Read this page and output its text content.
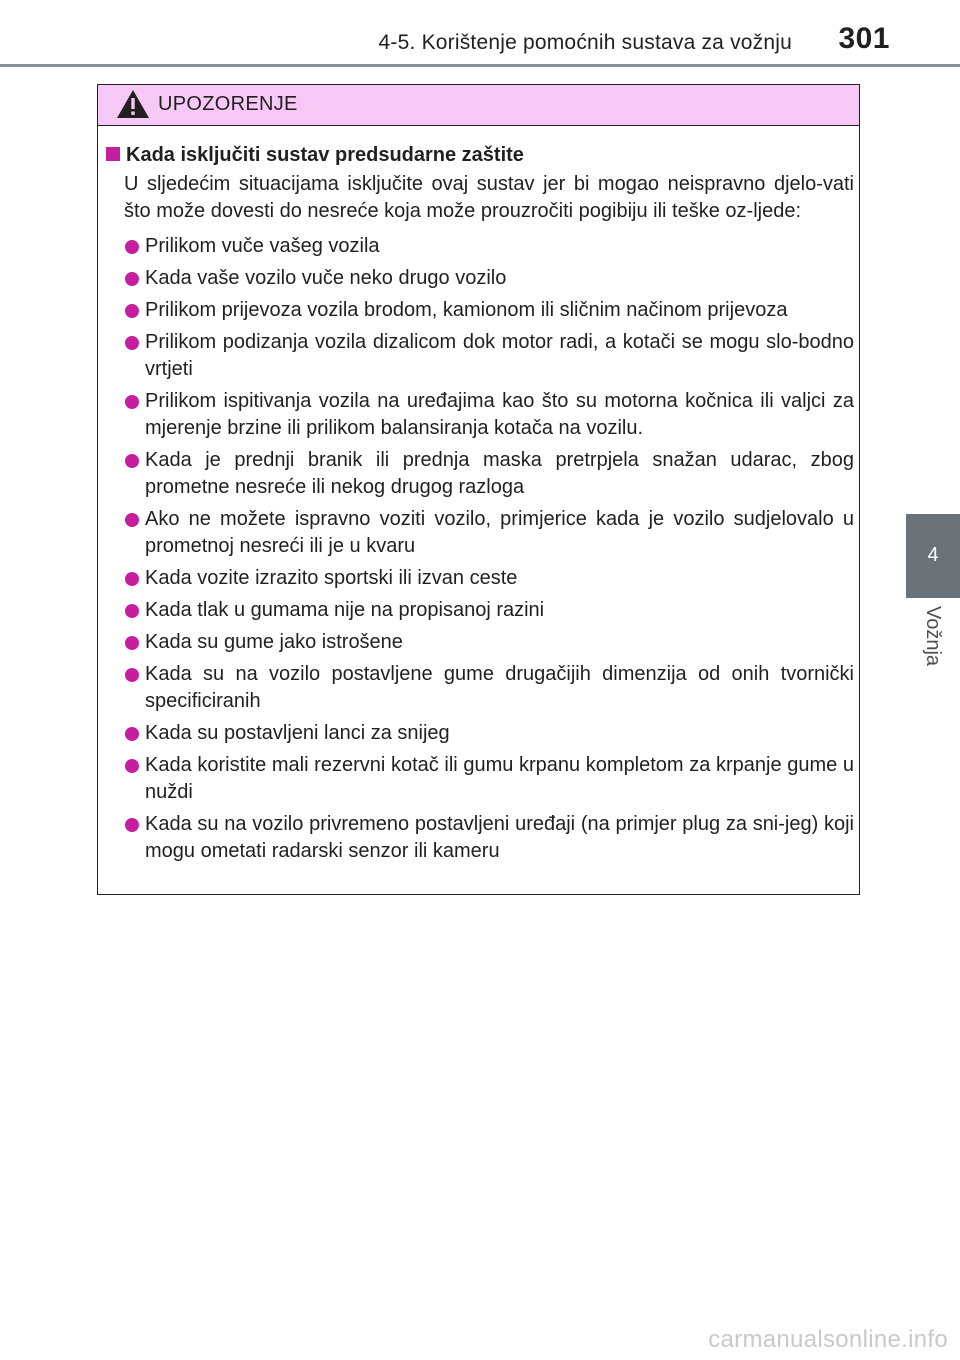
4-5. Korištenje pomoćnih sustava za vožnju 301
4
Vožnja
UPOZORENJE
Kada isključiti sustav predsudarne zaštite
U sljedećim situacijama isključite ovaj sustav jer bi mogao neispravno djelo-vati što može dovesti do nesreće koja može prouzročiti pogibiju ili teške oz-ljede:
Prilikom vuče vašeg vozila
Kada vaše vozilo vuče neko drugo vozilo
Prilikom prijevoza vozila brodom, kamionom ili sličnim načinom prijevoza
Prilikom podizanja vozila dizalicom dok motor radi, a kotači se mogu slo-bodno vrtjeti
Prilikom ispitivanja vozila na uređajima kao što su motorna kočnica ili valjci za mjerenje brzine ili prilikom balansiranja kotača na vozilu.
Kada je prednji branik ili prednja maska pretrpjela snažan udarac, zbog prometne nesreće ili nekog drugog razloga
Ako ne možete ispravno voziti vozilo, primjerice kada je vozilo sudjelovalo u prometnoj nesreći ili je u kvaru
Kada vozite izrazito sportski ili izvan ceste
Kada tlak u gumama nije na propisanoj razini
Kada su gume jako istrošene
Kada su na vozilo postavljene gume drugačijih dimenzija od onih tvornički specificiranih
Kada su postavljeni lanci za snijeg
Kada koristite mali rezervni kotač ili gumu krpanu kompletom za krpanje gume u nuždi
Kada su na vozilo privremeno postavljeni uređaji (na primjer plug za sni-jeg) koji mogu ometati radarski senzor ili kameru
carmanualsonline.info
